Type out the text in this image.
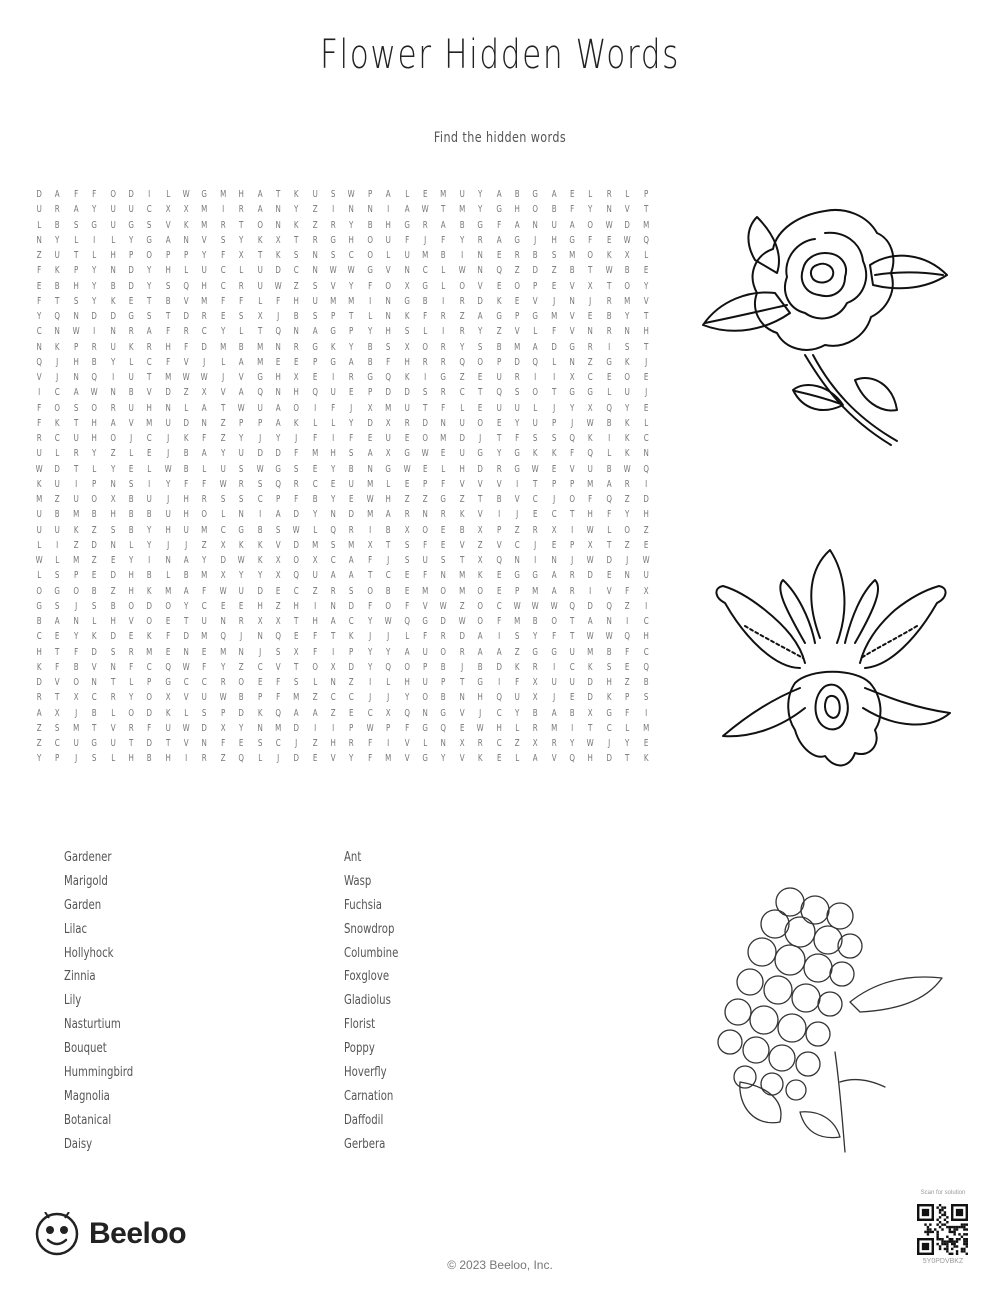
Flower Hidden Words
Find the hidden words
D	A	F	F	O	D	I	L	W	G	M	H	A	T	K	U	S	W	P	A	L	E	M	U	Y	A	B	G	A	E	L	R	L	P
U	R	A	Y	U	U	C	X	X	M	I	R	A	N	Y	Z	I	N	N	I	A	W	T	M	Y	G	H	O	B	F	Y	N	V	T
L	B	S	G	U	G	S	V	K	M	R	T	O	N	K	Z	R	Y	B	H	G	R	A	B	G	F	A	N	U	A	O	W	D	M
N	Y	L	I	L	Y	G	A	N	V	S	Y	K	X	T	R	G	H	O	U	F	J	F	Y	R	A	G	J	H	G	F	E	W	Q
Z	U	T	L	H	P	O	P	P	Y	F	X	T	K	S	N	S	C	O	L	U	M	B	I	N	E	R	B	S	M	O	K	X	L
F	K	P	Y	N	D	Y	H	L	U	C	L	U	D	C	N	W	W	G	V	N	C	L	W	N	Q	Z	D	Z	B	T	W	B	E
E	B	H	Y	B	D	Y	S	Q	H	C	R	U	W	Z	S	V	Y	F	O	X	G	L	O	V	E	O	P	E	V	X	T	O	Y
F	T	S	Y	K	E	T	B	V	M	F	F	L	F	H	U	M	M	I	N	G	B	I	R	D	K	E	V	J	N	J	R	M	V
Y	Q	N	D	D	G	S	T	D	R	E	S	X	J	B	S	P	T	L	N	K	F	R	Z	A	G	P	G	M	V	E	B	Y	T
C	N	W	I	N	R	A	F	R	C	Y	L	T	Q	N	A	G	P	Y	H	S	L	I	R	Y	Z	V	L	F	V	N	R	N	H
N	K	P	R	U	K	R	H	F	D	M	B	M	N	R	G	K	Y	B	S	X	O	R	Y	S	B	M	A	D	G	R	I	S	T
Q	J	H	B	Y	L	C	F	V	J	L	A	M	E	E	P	G	A	B	F	H	R	R	Q	O	P	D	Q	L	N	Z	G	K	J
V	J	N	Q	I	U	T	M	W	W	J	V	G	H	X	E	I	R	G	Q	K	I	G	Z	E	U	R	I	I	X	C	E	O	E
I	C	A	W	N	B	V	D	Z	X	V	A	Q	N	H	Q	U	E	P	D	D	S	R	C	T	Q	S	O	T	G	G	L	U	J
F	O	S	O	R	U	H	N	L	A	T	W	U	A	O	I	F	J	X	M	U	T	F	L	E	U	U	L	J	Y	X	Q	Y	E
F	K	T	H	A	V	M	U	D	N	Z	P	P	A	K	L	L	Y	D	X	R	D	N	U	O	E	Y	U	P	J	W	B	K	L
R	C	U	H	O	J	C	J	K	F	Z	Y	J	Y	J	F	I	F	E	U	E	O	M	D	J	T	F	S	S	Q	K	I	K	C
U	L	R	Y	Z	L	E	J	B	A	Y	U	D	D	F	M	H	S	A	X	G	W	E	U	G	Y	G	K	K	F	Q	L	K	N
W	D	T	L	Y	E	L	W	B	L	U	S	W	G	S	E	Y	B	N	G	W	E	L	H	D	R	G	W	E	V	U	B	W	Q
K	U	I	P	N	S	I	Y	F	F	W	R	S	Q	R	C	E	U	M	L	E	P	F	V	V	V	I	T	P	P	M	A	R	I
M	Z	U	O	X	B	U	J	H	R	S	S	C	P	F	B	Y	E	W	H	Z	Z	G	Z	T	B	V	C	J	O	F	Q	Z	D
U	B	M	B	H	B	B	U	H	O	L	N	I	A	D	Y	N	D	M	A	R	N	R	K	V	I	J	E	C	T	H	F	Y	H
U	U	K	Z	S	B	Y	H	U	M	C	G	B	S	W	L	Q	R	I	B	X	O	E	B	X	P	Z	R	X	I	W	L	O	Z
L	I	Z	D	N	L	Y	J	J	Z	X	K	K	V	D	M	S	M	X	T	S	F	E	V	Z	V	C	J	E	P	X	T	Z	E
W	L	M	Z	E	Y	I	N	A	Y	D	W	K	X	O	X	C	A	F	J	S	U	S	T	X	Q	N	I	N	J	W	D	J	W
L	S	P	E	D	H	B	L	B	M	X	Y	Y	X	Q	U	A	A	T	C	E	F	N	M	K	E	G	G	A	R	D	E	N	U
O	G	O	B	Z	H	K	M	A	F	W	U	D	E	C	Z	R	S	O	B	E	M	O	M	O	E	P	M	A	R	I	V	F	X
G	S	J	S	B	O	D	O	Y	C	E	E	H	Z	H	I	N	D	F	O	F	V	W	Z	O	C	W	W	W	Q	D	Q	Z	I
B	A	N	L	H	V	O	E	T	U	N	R	X	X	T	H	A	C	Y	W	Q	G	D	W	O	F	M	B	O	T	A	N	I	C
C	E	Y	K	D	E	K	F	D	M	Q	J	N	Q	E	F	T	K	J	J	L	F	R	D	A	I	S	Y	F	T	W	W	Q	H
H	T	F	D	S	R	M	E	N	E	M	N	J	S	X	F	I	P	Y	Y	A	U	O	R	A	A	Z	G	G	U	M	B	F	C
K	F	B	V	N	F	C	Q	W	F	Y	Z	C	V	T	O	X	D	Y	Q	O	P	B	J	B	D	K	R	I	C	K	S	E	Q
D	V	O	N	T	L	P	G	C	C	R	O	E	F	S	L	N	Z	I	L	H	U	P	T	G	I	F	X	U	U	D	H	Z	B
R	T	X	C	R	Y	O	X	V	U	W	B	P	F	M	Z	C	C	J	J	Y	O	B	N	H	Q	U	X	J	E	D	K	P	S
A	X	J	B	L	O	D	K	L	S	P	D	K	Q	A	A	Z	E	C	X	Q	N	G	V	J	C	Y	B	A	B	X	G	F	I
Z	S	M	T	V	R	F	U	W	D	X	Y	N	M	D	I	I	P	W	P	F	G	Q	E	W	H	L	R	M	I	T	C	L	M
Z	C	U	G	U	T	D	T	V	N	F	E	S	C	J	Z	H	R	F	I	V	L	N	X	R	C	Z	X	R	Y	W	J	Y	E
Y	P	J	S	L	H	B	H	I	R	Z	Q	L	J	D	E	V	Y	F	M	V	G	Y	V	K	E	L	A	V	Q	H	D	T	K
Gardener
Marigold
Garden
Lilac
Hollyhock
Zinnia
Lily
Nasturtium
Bouquet
Hummingbird
Magnolia
Botanical
Daisy
Ant
Wasp
Fuchsia
Snowdrop
Columbine
Foxglove
Gladiolus
Florist
Poppy
Hoverfly
Carnation
Daffodil
Gerbera
Beeloo
© 2023 Beeloo, Inc.
Scan for solution
5Y0PDVBKZ
